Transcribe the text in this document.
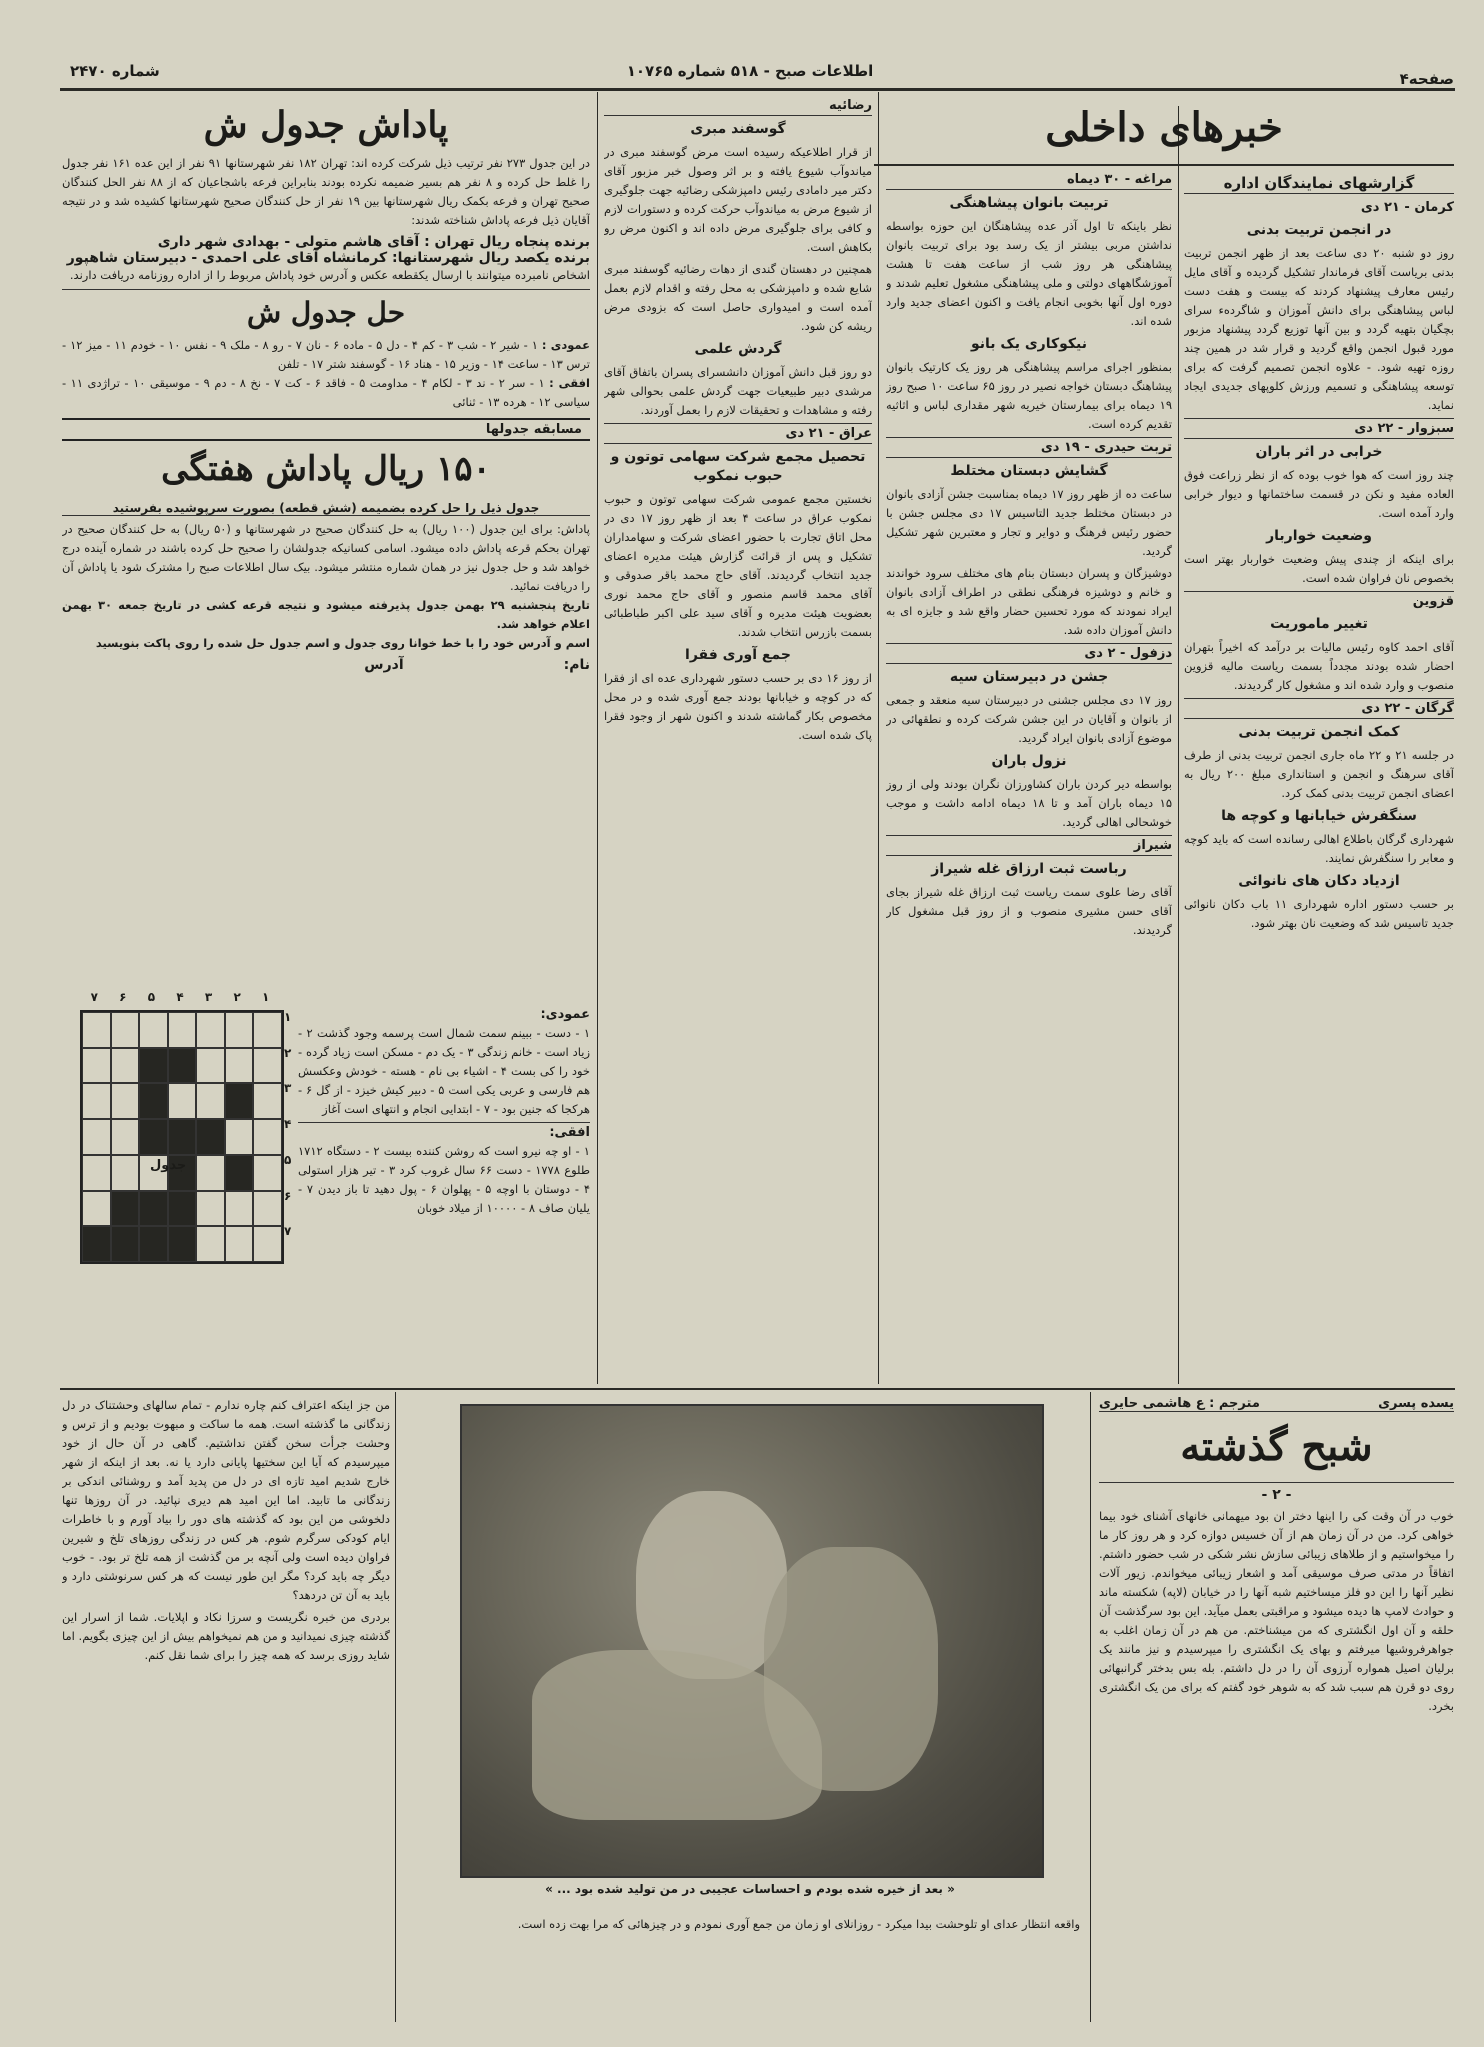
صفحه۴
اطلاعات صبح - ۵۱۸ شماره ۱۰۷۶۵
شماره ۲۴۷۰
خبرهای داخلی
گزارشهای نمایندگان اداره
کرمان - ۲۱ دی
در انجمن تربیت بدنی

روز دو شنبه ۲۰ دی ساعت بعد از ظهر انجمن تربیت بدنی بریاست آقای فرماندار تشکیل گردیده و آقای مایل رئیس معارف پیشنهاد کردند که بیست و هفت دست لباس پیشاهنگی برای دانش آموزان و شاگردهء سرای بچگیان بتهیه گردد و بین آنها توزیع گردد پیشنهاد مزبور مورد قبول انجمن واقع گردید و قرار شد در همین چند روزه تهیه شود. - علاوه انجمن تصمیم گرفت که برای توسعه پیشاهنگی و تسمیم ورزش کلوپهای جدیدی ایجاد نماید.

سبزوار - ۲۲ دی
خرابی در اثر باران

چند روز است که هوا خوب بوده که از نظر زراعت فوق العاده مفید و نکن در قسمت ساختمانها و دیوار خرابی وارد آمده است.

وضعیت خواربار

برای اینکه از چندی پیش وضعیت خواربار بهتر است بخصوص نان فراوان شده است.

قزوین
تغییر ماموریت

آقای احمد کاوه رئیس مالیات بر درآمد که اخیراً بتهران احضار شده بودند مجدداً بسمت ریاست مالیه قزوین منصوب و وارد شده اند و مشغول کار گردیدند.

گرگان - ۲۲ دی
کمک انجمن تربیت بدنی

در جلسه ۲۱ و ۲۲ ماه جاری انجمن تربیت بدنی از طرف آقای سرهنگ و انجمن و استانداری مبلغ ۲۰۰ ریال به اعضای انجمن تربیت بدنی کمک کرد.

سنگفرش خیابانها و کوچه ها

شهرداری گرگان باطلاع اهالی رسانده است که باید کوچه و معابر را سنگفرش نمایند.

ازدیاد دکان های نانوائی

بر حسب دستور اداره شهرداری ۱۱ باب دکان نانوائی جدید تاسیس شد که وضعیت نان بهتر شود.

مراغه - ۳۰ دیماه
تربیت بانوان پیشاهنگی

نظر باینکه تا اول آذر عده پیشاهنگان این حوزه بواسطه نداشتن مربی بیشتر از یک رسد بود برای تربیت بانوان پیشاهنگی هر روز شب از ساعت هفت تا هشت آموزشگاههای دولتی و ملی پیشاهنگی مشغول تعلیم شدند و دوره اول آنها بخوبی انجام یافت و اکنون اعضای جدید وارد شده اند.

نیکوکاری یک بانو

بمنظور اجرای مراسم پیشاهنگی هر روز یک کارتیک بانوان پیشاهنگ دبستان خواجه نصیر در روز ۶۵ ساعت ۱۰ صبح روز ۱۹ دیماه برای بیمارستان خیریه شهر مقداری لباس و اثاثیه تقدیم کرده است.

تربت حیدری - ۱۹ دی
گشایش دبستان مختلط

ساعت ده از ظهر روز ۱۷ دیماه بمناسبت جشن آزادی بانوان در دبستان مختلط جدید التاسیس ۱۷ دی مجلس جشن با حضور رئیس فرهنگ و دوایر و تجار و معتبرین شهر تشکیل گردید.

دوشیزگان و پسران دبستان بنام های مختلف سرود خواندند و خانم و دوشیزه فرهنگی نطقی در اطراف آزادی بانوان ایراد نمودند که مورد تحسین حضار واقع شد و جایزه ای به دانش آموزان داده شد.

دزفول - ۲ دی
جشن در دبیرستان سیه

روز ۱۷ دی مجلس جشنی در دبیرستان سیه منعقد و جمعی از بانوان و آقایان در این جشن شرکت کرده و نطقهائی در موضوع آزادی بانوان ایراد گردید.

نزول باران

بواسطه دیر کردن باران کشاورزان نگران بودند ولی از روز ۱۵ دیماه باران آمد و تا ۱۸ دیماه ادامه داشت و موجب خوشحالی اهالی گردید.

شیراز
رباست ثبت ارزاق غله شیراز

آقای رضا علوی سمت ریاست ثبت ارزاق غله شیراز بجای آقای حسن مشیری منصوب و از روز قبل مشغول کار گردیدند.

رضائیه
گوسفند مبری

از قرار اطلاعیکه رسیده است مرض گوسفند مبری در میاندوآب شیوع یافته و بر اثر وصول خبر مزبور آقای دکتر میر دامادی رئیس دامپزشکی رضائیه جهت جلوگیری از شیوع مرض به میاندوآب حرکت کرده و دستورات لازم و کافی برای جلوگیری مرض داده اند و اکنون مرض رو بکاهش است.

همچنین در دهستان گندی از دهات رضائیه گوسفند مبری شایع شده و دامپزشکی به محل رفته و اقدام لازم بعمل آمده است و امیدواری حاصل است که بزودی مرض ریشه کن شود.

گردش علمی

دو روز قبل دانش آموزان دانشسرای پسران باتفاق آقای مرشدی دبیر طبیعیات جهت گردش علمی بحوالی شهر رفته و مشاهدات و تحقیقات لازم را بعمل آوردند.

عراق - ۲۱ دی
تحصیل مجمع شرکت سهامی توتون و حبوب نمکوب

نخستین مجمع عمومی شرکت سهامی توتون و حبوب نمکوب عراق در ساعت ۴ بعد از ظهر روز ۱۷ دی در محل اتاق تجارت با حضور اعضای شرکت و سهامداران تشکیل و پس از قرائت گزارش هیئت مدیره اعضای جدید انتخاب گردیدند. آقای حاج محمد باقر صدوقی و آقای محمد قاسم منصور و آقای حاج محمد نوری بعضویت هیئت مدیره و آقای سید علی اکبر طباطبائی بسمت بازرس انتخاب شدند.

جمع آوری فقرا

از روز ۱۶ دی بر حسب دستور شهرداری عده ای از فقرا که در کوچه و خیابانها بودند جمع آوری شده و در محل مخصوص بکار گماشته شدند و اکنون شهر از وجود فقرا پاک شده است.

پاداش جدول ش
در این جدول ۲۷۳ نفر ترتیب ذیل شرکت کرده اند: تهران ۱۸۲ نفر شهرستانها ۹۱ نفر از این عده ۱۶۱ نفر جدول را غلط حل کرده و ۸ نفر هم بسیر ضمیمه نکرده بودند بنابراین فرعه باشجاعیان که از ۸۸ نفر الحل کنندگان صحیح تهران و فرعه بکمک ریال شهرستانها بین ۱۹ نفر از حل کنندگان صحیح شهرستانها کشیده شد و در نتیجه آقایان ذیل فرعه پاداش شناخته شدند:
برنده پنجاه ریال تهران : آقای هاشم متولی - بهدادی شهر داری
برنده یکصد ریال شهرستانها: کرمانشاه آقای علی احمدی - دبیرستان شاهپور
اشخاص نامبرده میتوانند با ارسال یکقطعه عکس و آدرس خود پاداش مربوط را از اداره روزنامه دریافت دارند.
حل جدول ش
عمودی : ۱ - شیر ۲ - شب ۳ - کم ۴ - دل ۵ - ماده ۶ - نان ۷ - رو ۸ - ملک ۹ - نفس ۱۰ - خودم ۱۱ - میز ۱۲ - ترس ۱۳ - ساعت ۱۴ - وزیر ۱۵ - هناد ۱۶ - گوسفند شتر ۱۷ - تلفن
افقی : ۱ - سر ۲ - ند ۳ - لکام ۴ - مداومت ۵ - فاقد ۶ - کت ۷ - نخ ۸ - دم ۹ - موسیقی ۱۰ - تراژدی ۱۱ - سیاسی ۱۲ - هرده ۱۳ - ثنائی
مسابقه جدولها
۱۵۰ ریال پاداش هفتگی
جدول ذیل را حل کرده بضمیمه (شش قطعه) بصورت سرپوشیده بفرستید
پاداش: برای این جدول (۱۰۰ ریال) به حل کنندگان صحیح در شهرستانها و (۵۰ ریال) به حل کنندگان صحیح در تهران بحکم قرعه پاداش داده میشود. اسامی کسانیکه جدولشان را صحیح حل کرده باشند در شماره آینده درج خواهد شد و حل جدول نیز در همان شماره منتشر میشود. بیک سال اطلاعات صبح را مشترک شود یا پاداش آن را دریافت نمائید.
تاریخ پنجشنبه ۲۹ بهمن جدول پذیرفته میشود و نتیجه قرعه کشی در تاریخ جمعه ۳۰ بهمن اعلام خواهد شد.
اسم و آدرس خود را با خط خوانا روی جدول و اسم جدول حل شده را روی پاکت بنویسید
نام:
آدرس
۱
۲
۳
۴
۵
۶
۷
۱
۲
۳
۴
۵
۶
۷
جدول
عمودی:

۱ - دست - ببینم سمت شمال است پرسمه وجود گذشت ۲ - زیاد است - خانم زندگی ۳ - یک دم - مسکن است زیاد گرده - خود را کی بست ۴ - اشیاء بی نام - هسته - خودش وعکسش هم فارسی و عربی یکی است ۵ - دبیر کیش خیزد - از گل ۶ - هرکجا که جنین بود - ۷ - ابتدایی انجام و انتهای است آغاز

افقی:

۱ - او چه نیرو است که روشن کننده بیست ۲ - دستگاه ۱۷۱۲ طلوع ۱۷۷۸ - دست ۶۶ سال غروب کرد ۳ - تیر هزار استولی ۴ - دوستان با اوچه ۵ - پهلوان ۶ - پول دهید تا باز دیدن ۷ - یلیان صاف ۸ - ۱۰۰۰۰ از میلاد خوبان

یسده پسری
مترجم : ع هاشمی حایری
شبح گذشته
- ۲ -
خوب در آن وقت کی را اینها دختر ان بود میهمانی خانهای آشنای خود بیما خواهی کرد. من در آن زمان هم از آن خسیس دوازه کرد و هر روز کار ما را میخواستیم و از طلاهای زیبائی سازش نشر شکی در شب حضور داشتم. اتفاقاً در مدتی صرف موسیقی آمد و اشعار زیبائی میخواندم. زیور آلات نظیر آنها را این دو فلز میساختیم شبه آنها را در خیابان (لاپه) شکسته ماند و حوادث لامپ ها دیده میشود و مراقبتی بعمل میآید. این بود سرگذشت آن حلقه و آن اول انگشتری که من میشناختم. من هم در آن زمان اغلب به جواهرفروشیها میرفتم و بهای یک انگشتری را میپرسیدم و نیز مانند یک برلیان اصیل همواره آرزوی آن را در دل داشتم. بله بس بدختر گرانبهائی روی دو قرن هم سبب شد که به شوهر خود گفتم که برای من یک انگشتری بخرد.
« بعد از خیره شده بودم و احساسات عجیبی در من تولید شده بود ... »
واقعه انتظار عدای او تلوحشت بیدا میکرد - روزانلای او زمان من جمع آوری نمودم و در چیزهائی که مرا بهت زده است.

من جز اینکه اعتراف کنم چاره ندارم - تمام سالهای وحشتناک در دل زندگانی ما گذشته است. همه ما ساکت و مبهوت بودیم و از ترس و وحشت جرأت سخن گفتن نداشتیم. گاهی در آن حال از خود میپرسیدم که آیا این سختیها پایانی دارد یا نه. بعد از اینکه از شهر خارج شدیم امید تازه ای در دل من پدید آمد و روشنائی اندکی بر زندگانی ما تابید. اما این امید هم دیری نپائید. در آن روزها تنها دلخوشی من این بود که گذشته های دور را بیاد آورم و با خاطرات ایام کودکی سرگرم شوم. هر کس در زندگی روزهای تلخ و شیرین فراوان دیده است ولی آنچه بر من گذشت از همه تلخ تر بود. - خوب دیگر چه باید کرد؟ مگر این طور نیست که هر کس سرنوشتی دارد و باید به آن تن دردهد؟

بردری من خبره نگریست و سرزا نکاد و اپلایات. شما از اسرار این گذشته چیزی نمیدانید و من هم نمیخواهم بیش از این چیزی بگویم. اما شاید روزی برسد که همه چیز را برای شما نقل کنم.
